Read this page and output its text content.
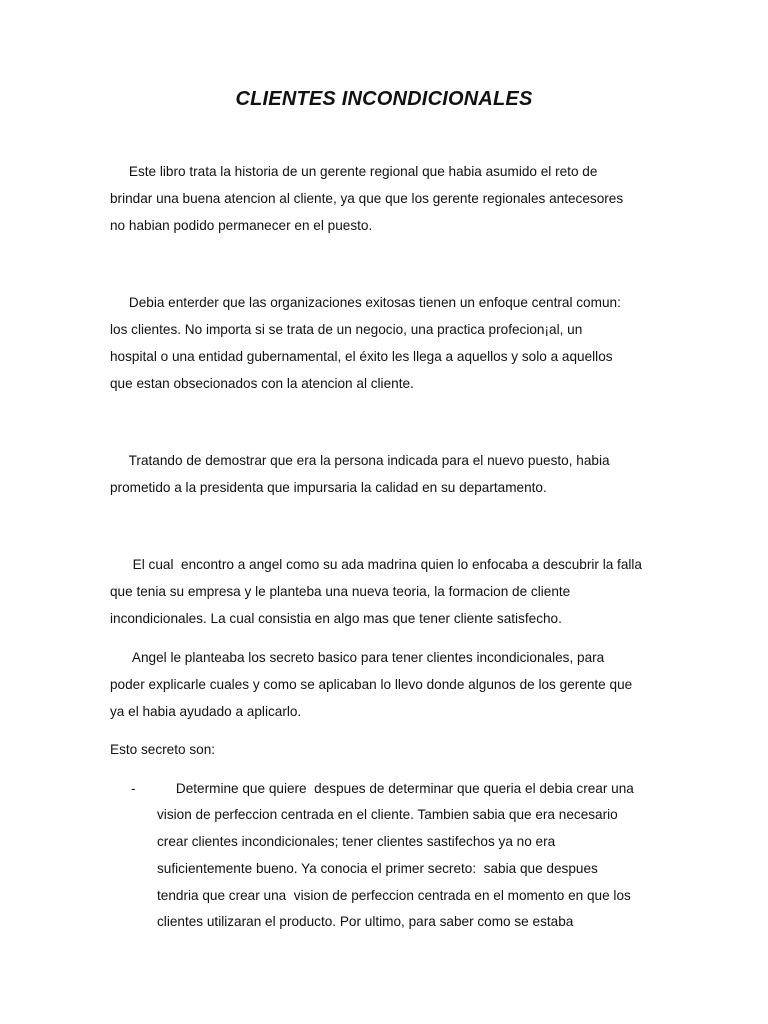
CLIENTES INCONDICIONALES
Este libro trata la historia de un gerente regional que habia asumido el reto de
brindar una buena atencion al cliente, ya que que los gerente regionales antecesores
no habian podido permanecer en el puesto.
Debia enterder que las organizaciones exitosas tienen un enfoque central comun:
los clientes. No importa si se trata de un negocio, una practica profecion¡al, un
hospital o una entidad gubernamental, el éxito les llega a aquellos y solo a aquellos
que estan obsecionados con la atencion al cliente.
Tratando de demostrar que era la persona indicada para el nuevo puesto, habia
prometido a la presidenta que impursaria la calidad en su departamento.
El cual  encontro a angel como su ada madrina quien lo enfocaba a descubrir la falla
que tenia su empresa y le planteba una nueva teoria, la formacion de cliente
incondicionales. La cual consistia en algo mas que tener cliente satisfecho.
Angel le planteaba los secreto basico para tener clientes incondicionales, para
poder explicarle cuales y como se aplicaban lo llevo donde algunos de los gerente que
ya el habia ayudado a aplicarlo.
Esto secreto son:
- Determine que quiere  despues de determinar que queria el debia crear una
vision de perfeccion centrada en el cliente. Tambien sabia que era necesario
crear clientes incondicionales; tener clientes sastifechos ya no era
suficientemente bueno. Ya conocia el primer secreto:  sabia que despues
tendria que crear una  vision de perfeccion centrada en el momento en que los
clientes utilizaran el producto. Por ultimo, para saber como se estaba
